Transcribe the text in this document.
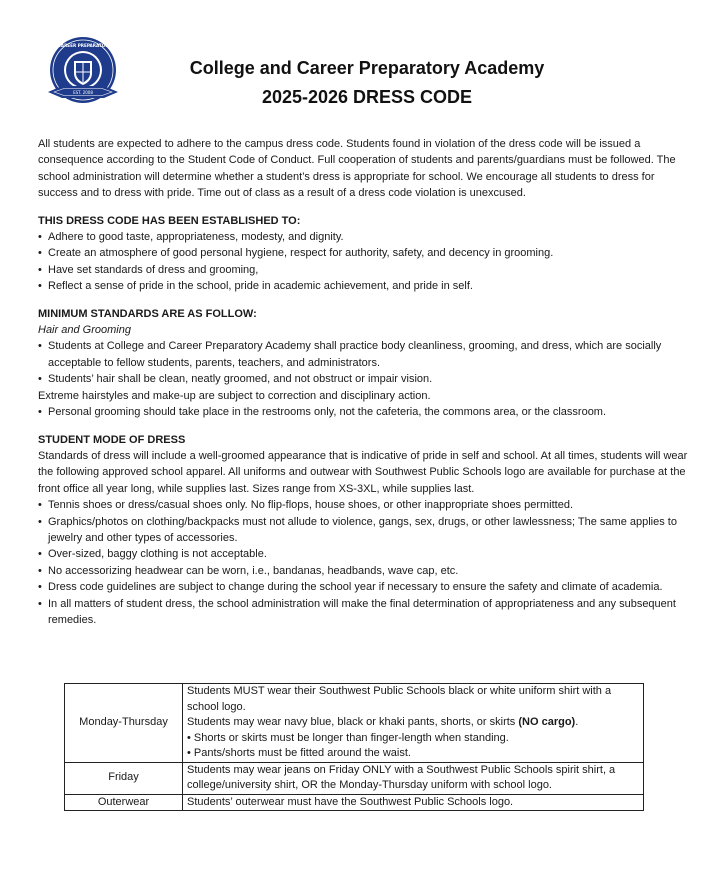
COLLEGE & CAREER PREPARATORY ACADEMY
EST. 2008
College and Career Preparatory Academy
2025-2026 DRESS CODE

All students are expected to adhere to the campus dress code. Students found in violation of the dress code will be issued a consequence according to the Student Code of Conduct. Full cooperation of students and parents/guardians must be followed. The school administration will determine whether a student’s dress is appropriate for school. We encourage all students to dress for success and to dress with pride. Time out of class as a result of a dress code violation is unexcused.

THIS DRESS CODE HAS BEEN ESTABLISHED TO:

• Adhere to good taste, appropriateness, modesty, and dignity.
• Create an atmosphere of good personal hygiene, respect for authority, safety, and decency in grooming.
• Have set standards of dress and grooming,
• Reflect a sense of pride in the school, pride in academic achievement, and pride in self.

MINIMUM STANDARDS ARE AS FOLLOW:

Hair and Grooming

• Students at College and Career Preparatory Academy shall practice body cleanliness, grooming, and dress, which are socially acceptable to fellow students, parents, teachers, and administrators.
• Students’ hair shall be clean, neatly groomed, and not obstruct or impair vision.

Extreme hairstyles and make-up are subject to correction and disciplinary action.

• Personal grooming should take place in the restrooms only, not the cafeteria, the commons area, or the classroom.

STUDENT MODE OF DRESS

Standards of dress will include a well-groomed appearance that is indicative of pride in self and school. At all times, students will wear the following approved school apparel. All uniforms and outwear with Southwest Public Schools logo are available for purchase at the front office all year long, while supplies last. Sizes range from XS-3XL, while supplies last.

• Tennis shoes or dress/casual shoes only. No flip-flops, house shoes, or other inappropriate shoes permitted.
• Graphics/photos on clothing/backpacks must not allude to violence, gangs, sex, drugs, or other lawlessness; The same applies to jewelry and other types of accessories.
• Over-sized, baggy clothing is not acceptable.
• No accessorizing headwear can be worn, i.e., bandanas, headbands, wave cap, etc.
• Dress code guidelines are subject to change during the school year if necessary to ensure the safety and climate of academia.
• In all matters of student dress, the school administration will make the final determination of appropriateness and any subsequent remedies.
Monday-Thursday	Students MUST wear their Southwest Public Schools black or white uniform shirt with a school logo.
Students may wear navy blue, black or khaki pants, shorts, or skirts (NO cargo).
• Shorts or skirts must be longer than finger-length when standing.
• Pants/shorts must be fitted around the waist.

Friday	Students may wear jeans on Friday ONLY with a Southwest Public Schools spirit shirt, a college/university shirt, OR the Monday-Thursday uniform with school logo.
Outerwear	Students’ outerwear must have the Southwest Public Schools logo.
